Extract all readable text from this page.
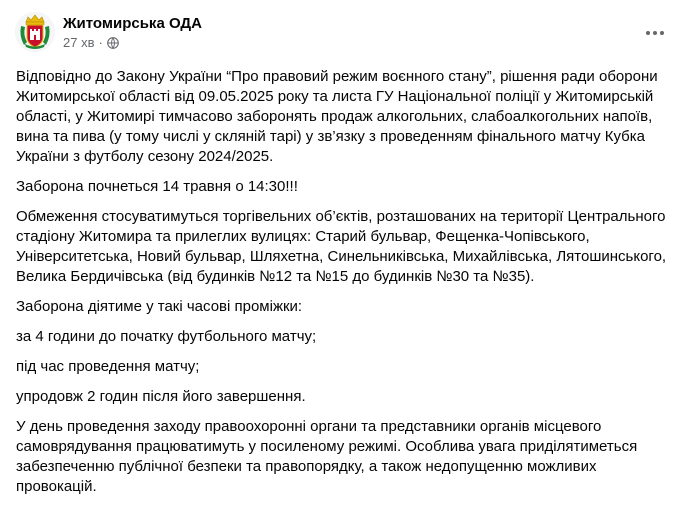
Житомирська ОДА
27 хв ·

Відповідно до Закону України “Про правовий режим воєнного стану”, рішення ради оборони Житомирської області від 09.05.2025 року та листа ГУ Національної поліції у Житомирській області, у Житомирі тимчасово заборонять продаж алкогольних, слабоалкогольних напоїв, вина та пива (у тому числі у скляній тарі) у зв’язку з проведенням фінального матчу Кубка України з футболу сезону 2024/2025.

Заборона почнеться 14 травня о 14:30!!!

Обмеження стосуватимуться торгівельних об’єктів, розташованих на території Центрального стадіону Житомира та прилеглих вулицях: Старий бульвар, Фещенка-Чопівського, Університетська, Новий бульвар, Шляхетна, Синельниківська, Михайлівська, Лятошинського, Велика Бердичівська (від будинків №12 та №15 до будинків №30 та №35).

Заборона діятиме у такі часові проміжки:

за 4 години до початку футбольного матчу;

під час проведення матчу;

упродовж 2 годин після його завершення.

У день проведення заходу правоохоронні органи та представники органів місцевого самоврядування працюватимуть у посиленому режимі. Особлива увага приділятиметься забезпеченню публічної безпеки та правопорядку, а також недопущенню можливих провокацій.
